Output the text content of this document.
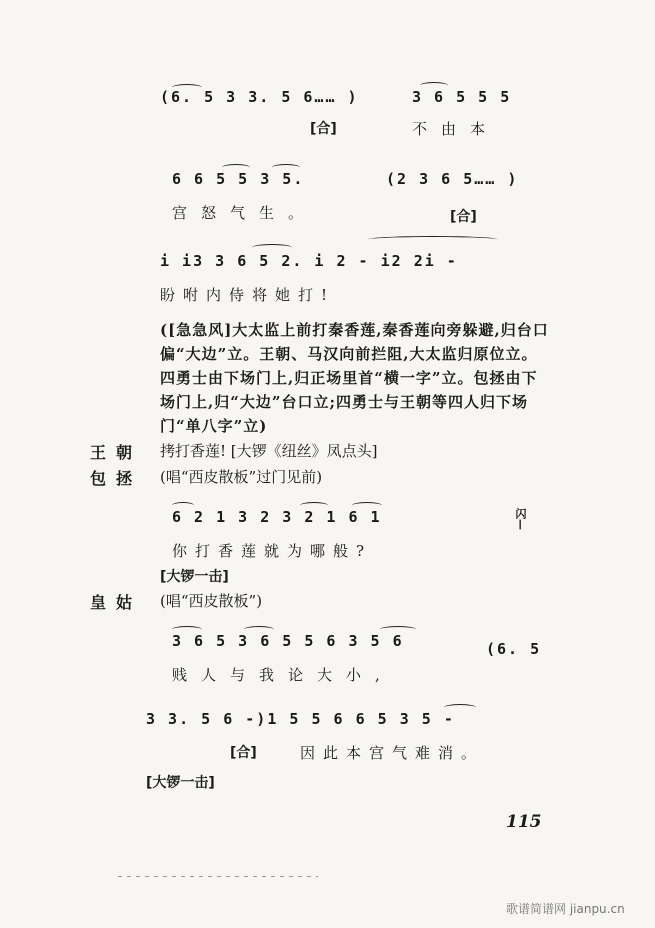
(6. 5 3 3. 5 6…… )	3 6 5 5 5
[合]	不由本
6 6 5 5 3 5.	(2 3 6 5…… )
宫怒气生。	[合]
i i3 3 6 5 2. i 2 - i2 2i -
盼咐内侍将她打!
([急急风]大太监上前打秦香莲,秦香莲向旁躲避,归台口偏“大边”立。王朝、马汉向前拦阻,大太监归原位立。四勇士由下场门上,归正场里首“横一字”立。包拯由下场门上,归“大边”台口立;四勇士与王朝等四人归下场门“单八字”立)
王朝 拷打香莲! [大锣《纽丝》凤点头]
包拯 (唱“西皮散板”过门见前)
6 2 1 3 2 3 2 1 6 1	闪—
你打香莲就为哪般?
[大锣一击]
皇姑 (唱“西皮散板”)
3 6 5 3 6 5 5 6 3 5 6	(6. 5
贱人与我论大小,
3 3. 5 6 -)1 5 5 6 6 5 3 5 -
[合]	因此本宫气难消。
[大锣一击]
115
歌谱简谱网 jianpu.cn
